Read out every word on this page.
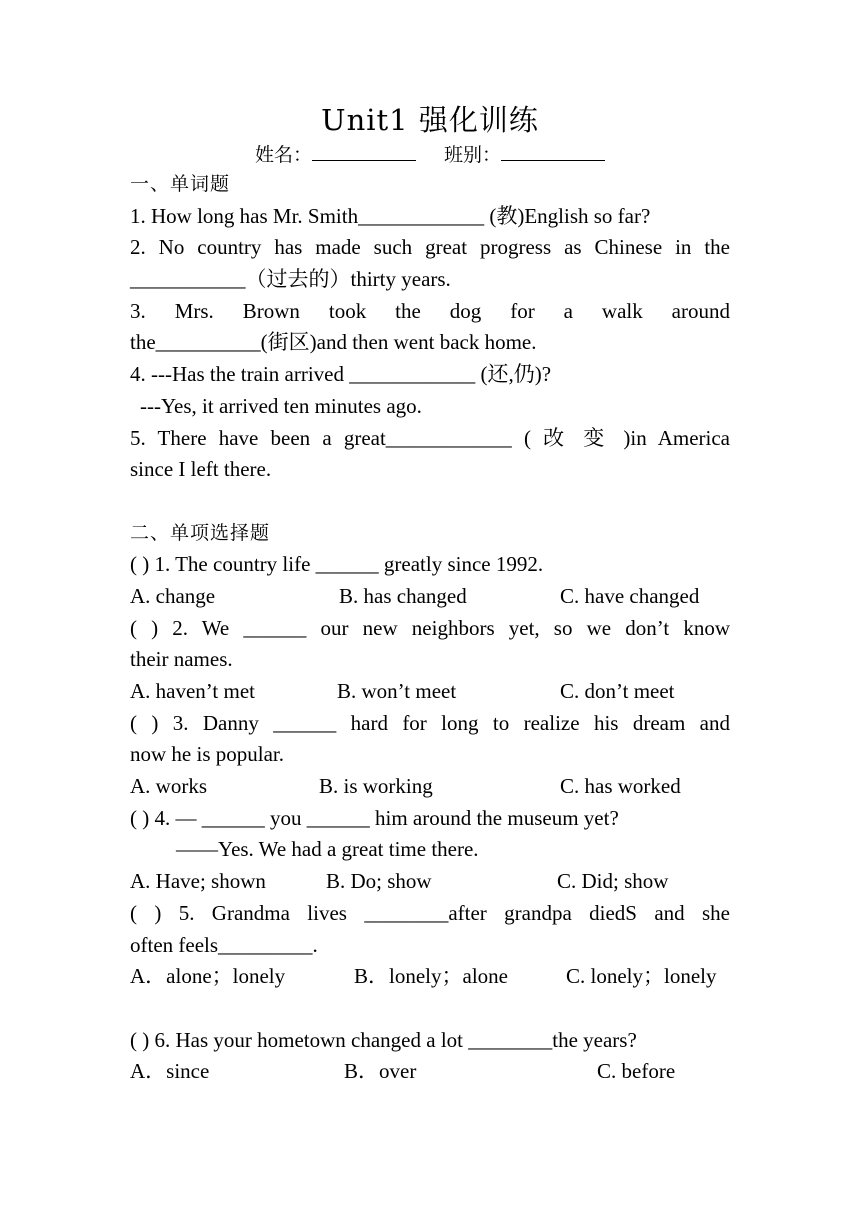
Unit1 强化训练
姓名：	班别：
一、单词题
1. How long has Mr. Smith____________ (教)English so far?
2. No country has made such great progress as Chinese in the
___________（过去的）thirty years.
3. Mrs. Brown took the dog for a walk around
the__________(街区)and then went back home.
4. ---Has the train arrived ____________ (还,仍)?
---Yes, it arrived ten minutes ago.
5. There have been a great____________ ( 改 变 )in America
since I left there.
二、单项选择题
( ) 1. The country life ______ greatly since 1992.
A. change	B. has changed	C. have changed
( ) 2. We ______ our new neighbors yet, so we don’t know
their names.
A. haven’t met	B. won’t meet	C. don’t meet
( ) 3. Danny ______ hard for long to realize his dream and
now he is popular.
A. works	B. is working	C. has worked
( ) 4. — ______ you ______ him around the museum yet?
——Yes. We had a great time there.
A. Have; shown	B. Do; show	C. Did; show
( ) 5. Grandma lives ________after grandpa diedS and she
often feels_________.
A．alone；lonely	B．lonely；alone	C. lonely；lonely
( ) 6. Has your hometown changed a lot ________the years?
A．since	B．over	C. before
